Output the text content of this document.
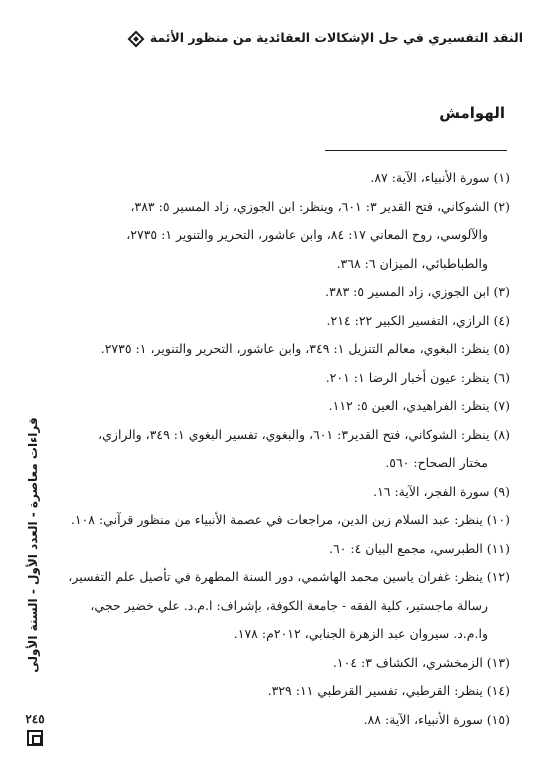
النقد التفسيري في حل الإشكالات العقائدية من منظور الأئمة
الهوامش
(١) سورة الأنبياء، الآية: ٨٧.
(٢) الشوكاني، فتح القدير ٣: ٦٠١، وينظر: ابن الجوزي، زاد المسير ٥: ٣٨٣،
والآلوسي، روح المعاني ١٧: ٨٤، وابن عاشور، التحرير والتنوير ١: ٢٧٣٥،
والطباطبائي، الميزان ٦: ٣٦٨.
(٣) ابن الجوزي، زاد المسير ٥: ٣٨٣.
(٤) الرازي، التفسير الكبير ٢٢: ٢١٤.
(٥) ينظر: البغوي، معالم التنزيل ١: ٣٤٩، وابن عاشور، التحرير والتنوير، ١: ٢٧٣٥.
(٦) ينظر: عيون أخبار الرضا ١: ٢٠١.
(٧) ينظر: الفراهيدي، العين ٥: ١١٢.
(٨) ينظر: الشوكاني، فتح القدير٣: ٦٠١، والبغوي، تفسير البغوي ١: ٣٤٩، والرازي،
مختار الصحاح: ٥٦٠.
(٩) سورة الفجر، الآية: ١٦.
(١٠) ينظر: عبد السلام زين الدين، مراجعات في عصمة الأنبياء من منظور قرآني: ١٠٨.
(١١) الطبرسي، مجمع البيان ٤: ٦٠.
(١٢) ينظر: غفران ياسين محمد الهاشمي، دور السنة المطهرة في تأصيل علم التفسير،
رسالة ماجستير، كلية الفقه - جامعة الكوفة، بإشراف: ا.م.د. علي خضير حجي،
وا.م.د. سيروان عبد الزهرة الجنابي، ٢٠١٢م: ١٧٨.
(١٣) الزمخشري، الكشاف ٣: ١٠٤.
(١٤) ينظر: القرطبي، تفسير القرطبي ١١: ٣٢٩.
(١٥) سورة الأنبياء، الآية: ٨٨.
قراءات معاصرة - العدد الأول - السنة الأولى
٢٤٥
